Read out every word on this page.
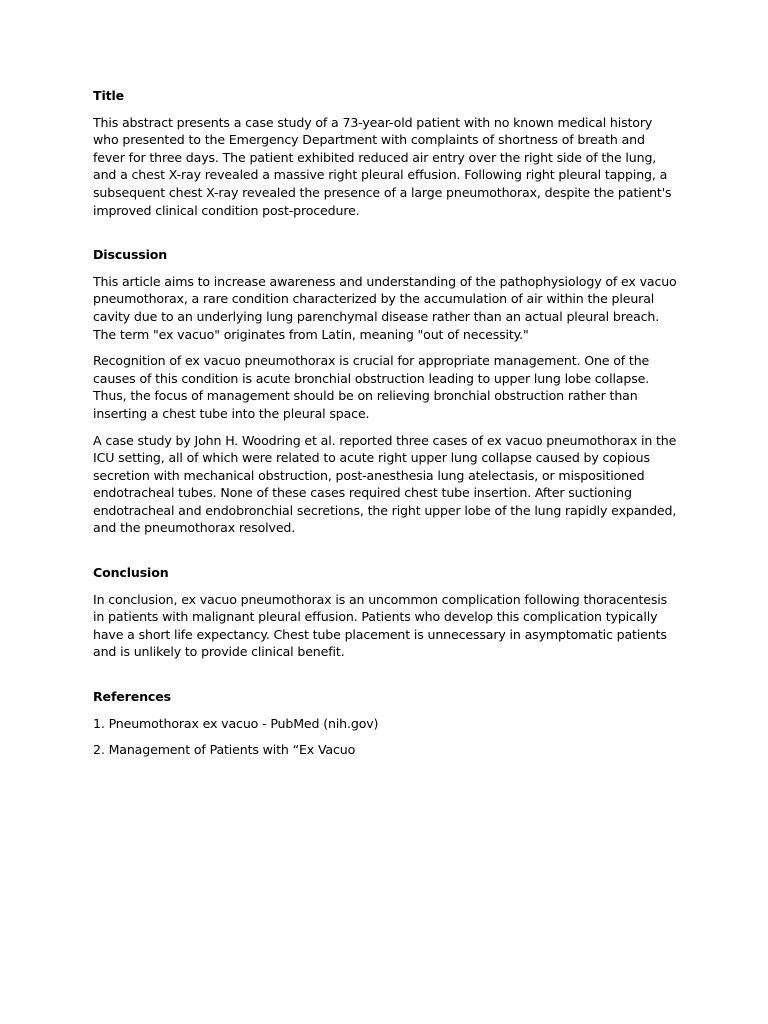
Title

This abstract presents a case study of a 73-year-old patient with no known medical history who presented to the Emergency Department with complaints of shortness of breath and fever for three days. The patient exhibited reduced air entry over the right side of the lung, and a chest X-ray revealed a massive right pleural effusion. Following right pleural tapping, a subsequent chest X-ray revealed the presence of a large pneumothorax, despite the patient's improved clinical condition post-procedure.

Discussion

This article aims to increase awareness and understanding of the pathophysiology of ex vacuo pneumothorax, a rare condition characterized by the accumulation of air within the pleural cavity due to an underlying lung parenchymal disease rather than an actual pleural breach. The term "ex vacuo" originates from Latin, meaning "out of necessity."

Recognition of ex vacuo pneumothorax is crucial for appropriate management. One of the causes of this condition is acute bronchial obstruction leading to upper lung lobe collapse. Thus, the focus of management should be on relieving bronchial obstruction rather than inserting a chest tube into the pleural space.

A case study by John H. Woodring et al. reported three cases of ex vacuo pneumothorax in the ICU setting, all of which were related to acute right upper lung collapse caused by copious secretion with mechanical obstruction, post-anesthesia lung atelectasis, or mispositioned endotracheal tubes. None of these cases required chest tube insertion. After suctioning endotracheal and endobronchial secretions, the right upper lobe of the lung rapidly expanded, and the pneumothorax resolved.

Conclusion

In conclusion, ex vacuo pneumothorax is an uncommon complication following thoracentesis in patients with malignant pleural effusion. Patients who develop this complication typically have a short life expectancy. Chest tube placement is unnecessary in asymptomatic patients and is unlikely to provide clinical benefit.

References
1. Pneumothorax ex vacuo - PubMed (nih.gov)
2. Management of Patients with “Ex Vacuo
